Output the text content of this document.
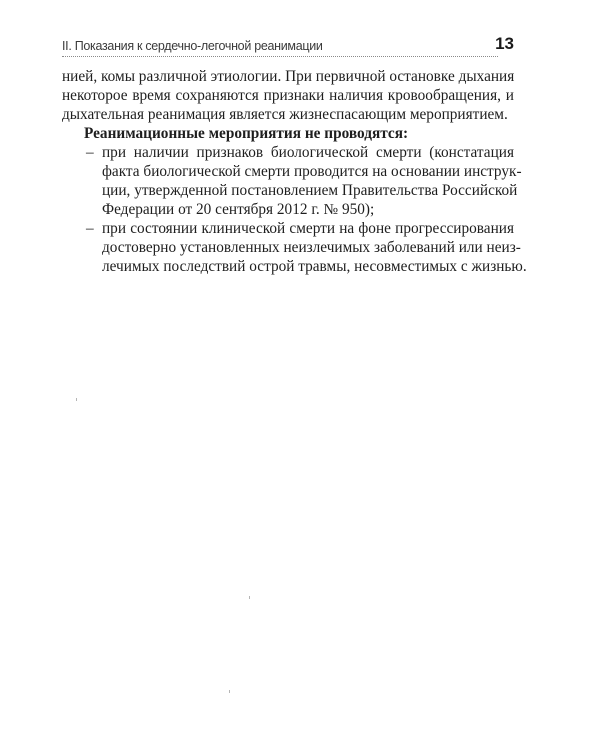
II. Показания к сердечно-легочной реанимации	13
нией, комы различной этиологии. При первичной остановке дыхания
некоторое время сохраняются признаки наличия кровообращения, и
дыхательная реанимация является жизнеспасающим мероприятием.
Реанимационные мероприятия не проводятся:
– при наличии признаков биологической смерти (констатация
факта биологической смерти проводится на основании инструк-
ции, утвержденной постановлением Правительства Российской
Федерации от 20 сентября 2012 г. № 950);
– при состоянии клинической смерти на фоне прогрессирования
достоверно установленных неизлечимых заболеваний или неиз-
лечимых последствий острой травмы, несовместимых с жизнью.
